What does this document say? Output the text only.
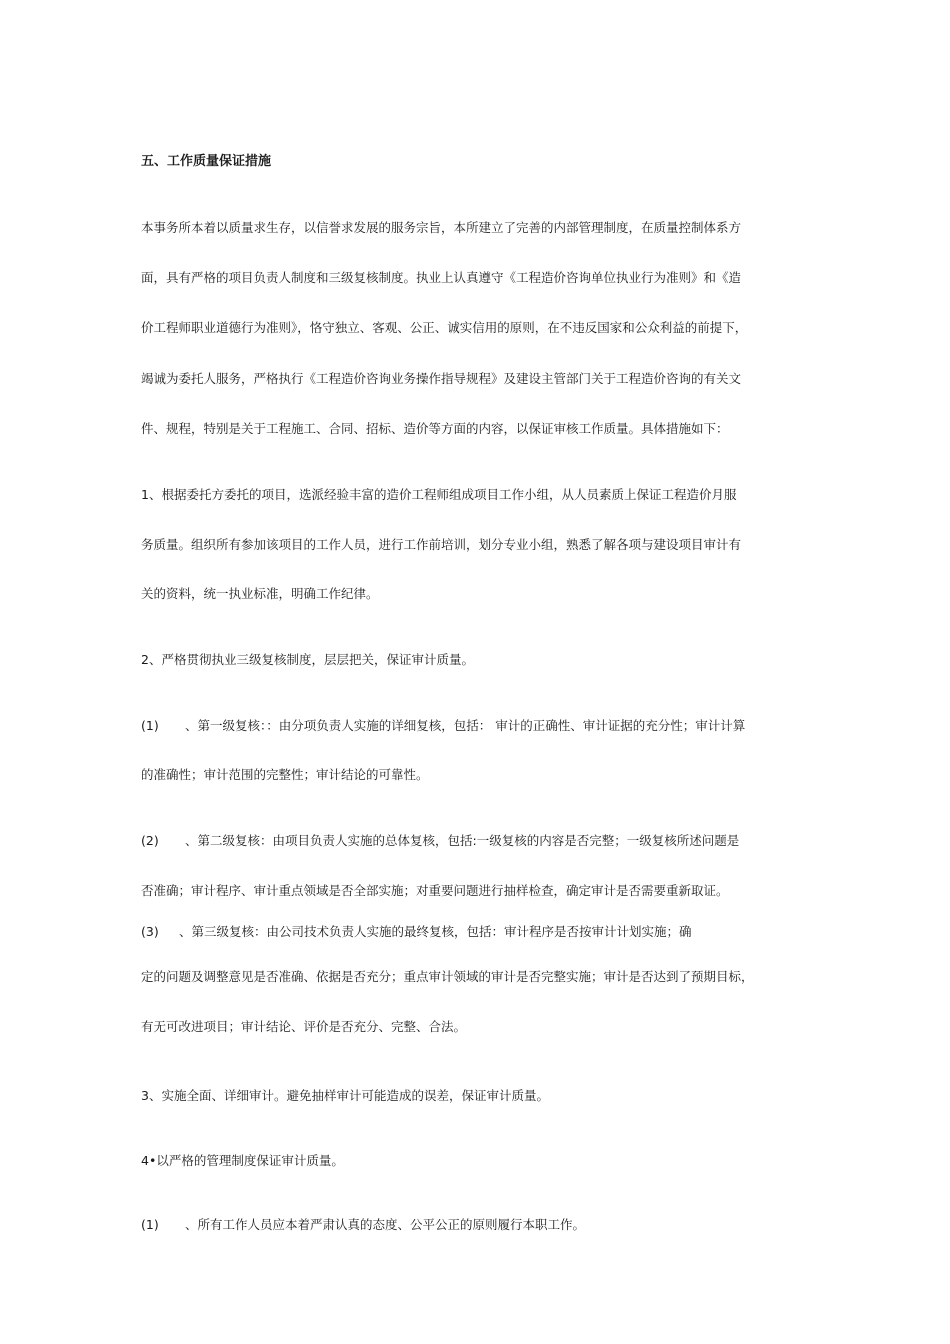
五、工作质量保证措施
本事务所本着以质量求生存，以信誉求发展的服务宗旨，本所建立了完善的内部管理制度，在质量控制体系方
面，具有严格的项目负责人制度和三级复核制度。执业上认真遵守《工程造价咨询单位执业行为准则》和《造
价工程师职业道德行为准则》，恪守独立、客观、公正、诚实信用的原则，在不违反国家和公众利益的前提下，
竭诚为委托人服务，严格执行《工程造价咨询业务操作指导规程》及建设主管部门关于工程造价咨询的有关文
件、规程，特别是关于工程施工、合同、招标、造价等方面的内容，以保证审核工作质量。具体措施如下：
1、根据委托方委托的项目，选派经验丰富的造价工程师组成项目工作小组，从人员素质上保证工程造价月服
务质量。组织所有参加该项目的工作人员，进行工作前培训，划分专业小组，熟悉了解各项与建设项目审计有
关的资料，统一执业标准，明确工作纪律。
2、严格贯彻执业三级复核制度，层层把关，保证审计质量。
(1) 、第一级复核：：由分项负责人实施的详细复核，包括： 审计的正确性、审计证据的充分性；审计计算
的准确性；审计范围的完整性；审计结论的可靠性。
(2) 、第二级复核：由项目负责人实施的总体复核，包括:一级复核的内容是否完整；一级复核所述问题是
否准确；审计程序、审计重点领域是否全部实施；对重要问题进行抽样检查，确定审计是否需要重新取证。
(3) 、第三级复核：由公司技术负责人实施的最终复核，包括：审计程序是否按审计计划实施；确
定的问题及调整意见是否准确、依据是否充分；重点审计领域的审计是否完整实施；审计是否达到了预期目标，
有无可改进项目；审计结论、评价是否充分、完整、合法。
3、实施全面、详细审计。避免抽样审计可能造成的误差，保证审计质量。
4•以严格的管理制度保证审计质量。
(1) 、所有工作人员应本着严肃认真的态度、公平公正的原则履行本职工作。
